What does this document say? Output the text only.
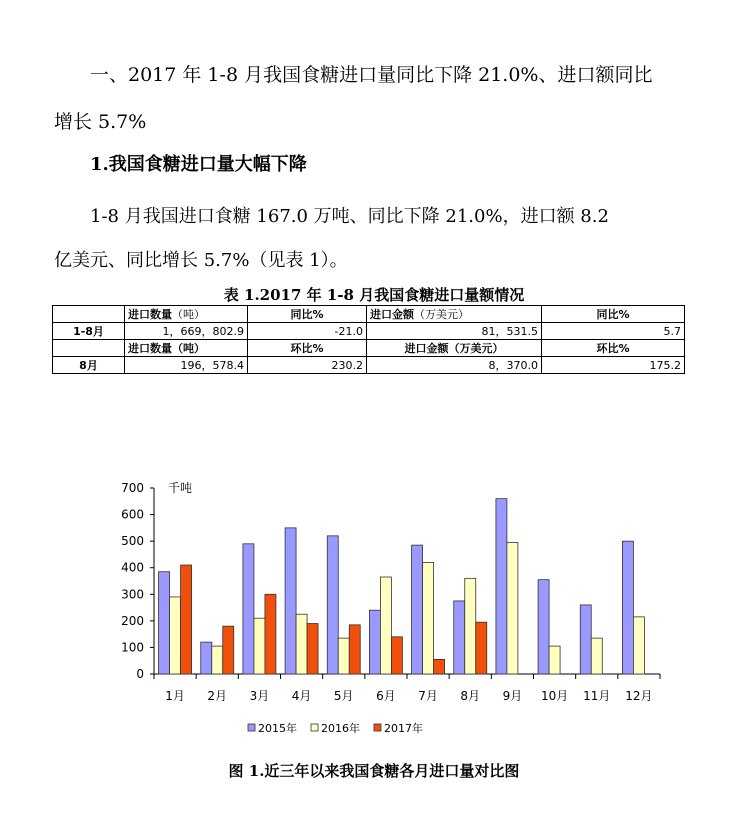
一、2017 年 1-8 月我国食糖进口量同比下降 21.0%、进口额同比
增长 5.7%
1.我国食糖进口量大幅下降
1-8 月我国进口食糖 167.0 万吨、同比下降 21.0%，进口额 8.2
亿美元、同比增长 5.7%（见表 1）。
表 1.2017 年 1-8 月我国食糖进口量额情况
	进口数量（吨）	同比%	进口金额（万美元）	同比%
1-8月	1，669，802.9	-21.0	81，531.5	5.7
	进口数量（吨）	环比%	进口金额（万美元）	环比%
8月	196，578.4	230.2	8，370.0	175.2
0
100
200
300
400
500
600
700 千吨
1月 2月 3月 4月 5月 6月 7月 8月 9月 10月 11月 12月
2015年 2016年 2017年
图 1.近三年以来我国食糖各月进口量对比图
